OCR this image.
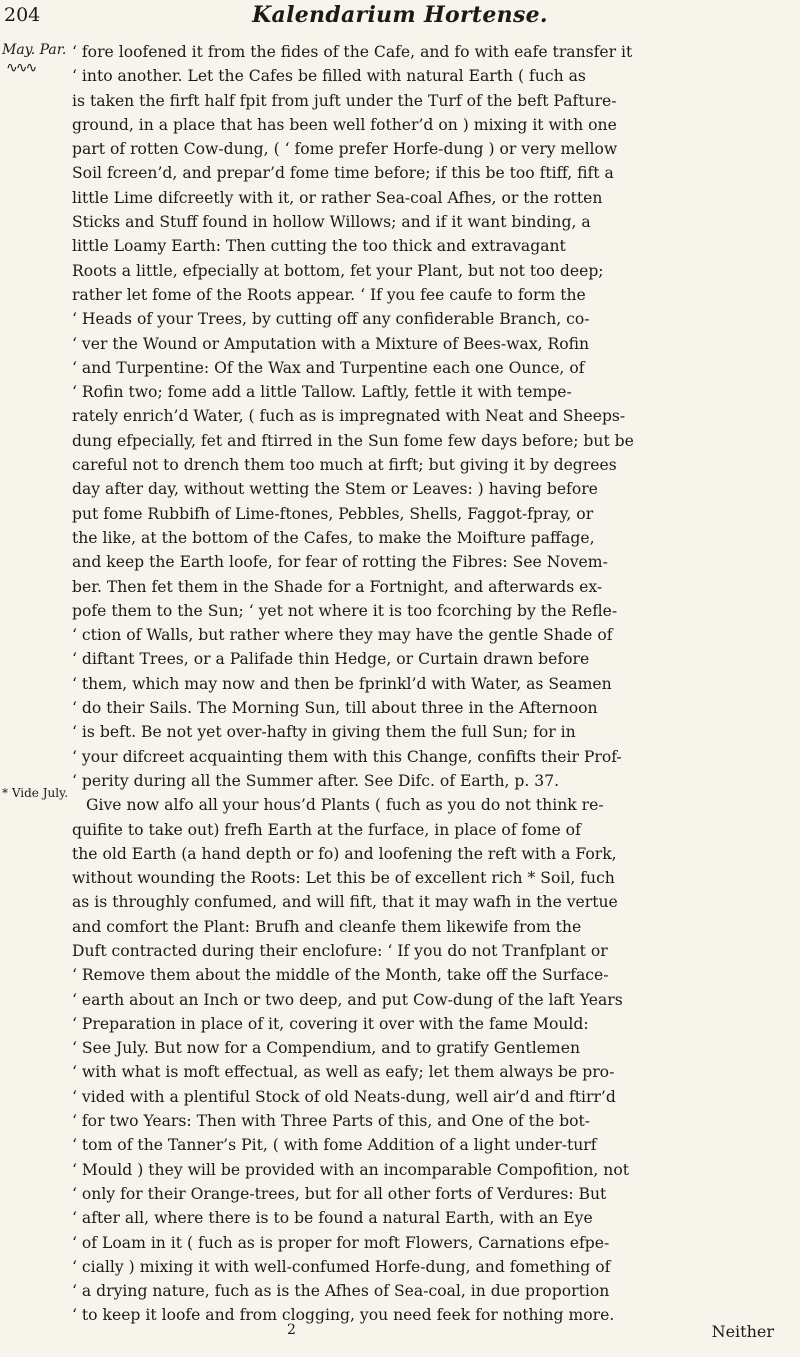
204	Kalendarium Hortense.
May. Par.
∿∿∿
* Vide July.
‘ fore loofened it from the fides of the Cafe, and fo with eafe transfer it
‘ into another. Let the Cafes be filled with natural Earth ( fuch as
is taken the firft half fpit from juft under the Turf of the beft Pafture-
ground, in a place that has been well fother’d on ) mixing it with one
part of rotten Cow-dung, ( ‘ fome prefer Horfe-dung ) or very mellow
Soil fcreen’d, and prepar’d fome time before; if this be too ftiff, fift a
little Lime difcreetly with it, or rather Sea-coal Afhes, or the rotten
Sticks and Stuff found in hollow Willows; and if it want binding, a
little Loamy Earth: Then cutting the too thick and extravagant
Roots a little, efpecially at bottom, fet your Plant, but not too deep;
rather let fome of the Roots appear. ‘ If you fee caufe to form the
‘ Heads of your Trees, by cutting off any confiderable Branch, co-
‘ ver the Wound or Amputation with a Mixture of Bees-wax, Rofin
‘ and Turpentine: Of the Wax and Turpentine each one Ounce, of
‘ Rofin two; fome add a little Tallow. Laftly, fettle it with tempe-
rately enrich’d Water, ( fuch as is impregnated with Neat and Sheeps-
dung efpecially, fet and ftirred in the Sun fome few days before; but be
careful not to drench them too much at firft; but giving it by degrees
day after day, without wetting the Stem or Leaves: ) having before
put fome Rubbifh of Lime-ftones, Pebbles, Shells, Faggot-fpray, or
the like, at the bottom of the Cafes, to make the Moifture paffage,
and keep the Earth loofe, for fear of rotting the Fibres: See Novem-
ber. Then fet them in the Shade for a Fortnight, and afterwards ex-
pofe them to the Sun; ‘ yet not where it is too fcorching by the Refle-
‘ ction of Walls, but rather where they may have the gentle Shade of
‘ diftant Trees, or a Palifade thin Hedge, or Curtain drawn before
‘ them, which may now and then be fprinkl’d with Water, as Seamen
‘ do their Sails. The Morning Sun, till about three in the Afternoon
‘ is beft. Be not yet over-hafty in giving them the full Sun; for in
‘ your difcreet acquainting them with this Change, confifts their Prof-
‘ perity during all the Summer after. See Difc. of Earth, p. 37.
Give now alfo all your hous’d Plants ( fuch as you do not think re-
quifite to take out) frefh Earth at the furface, in place of fome of
the old Earth (a hand depth or fo) and loofening the reft with a Fork,
without wounding the Roots: Let this be of excellent rich * Soil, fuch
as is throughly confumed, and will fift, that it may wafh in the vertue
and comfort the Plant: Brufh and cleanfe them likewife from the
Duft contracted during their enclofure: ‘ If you do not Tranfplant or
‘ Remove them about the middle of the Month, take off the Surface-
‘ earth about an Inch or two deep, and put Cow-dung of the laft Years
‘ Preparation in place of it, covering it over with the fame Mould:
‘ See July. But now for a Compendium, and to gratify Gentlemen
‘ with what is moft effectual, as well as eafy; let them always be pro-
‘ vided with a plentiful Stock of old Neats-dung, well air’d and ftirr’d
‘ for two Years: Then with Three Parts of this, and One of the bot-
‘ tom of the Tanner’s Pit, ( with fome Addition of a light under-turf
‘ Mould ) they will be provided with an incomparable Compofition, not
‘ only for their Orange-trees, but for all other forts of Verdures: But
‘ after all, where there is to be found a natural Earth, with an Eye
‘ of Loam in it ( fuch as is proper for moft Flowers, Carnations efpe-
‘ cially ) mixing it with well-confumed Horfe-dung, and fomething of
‘ a drying nature, fuch as is the Afhes of Sea-coal, in due proportion
‘ to keep it loofe and from clogging, you need feek for nothing more.
2	Neither
